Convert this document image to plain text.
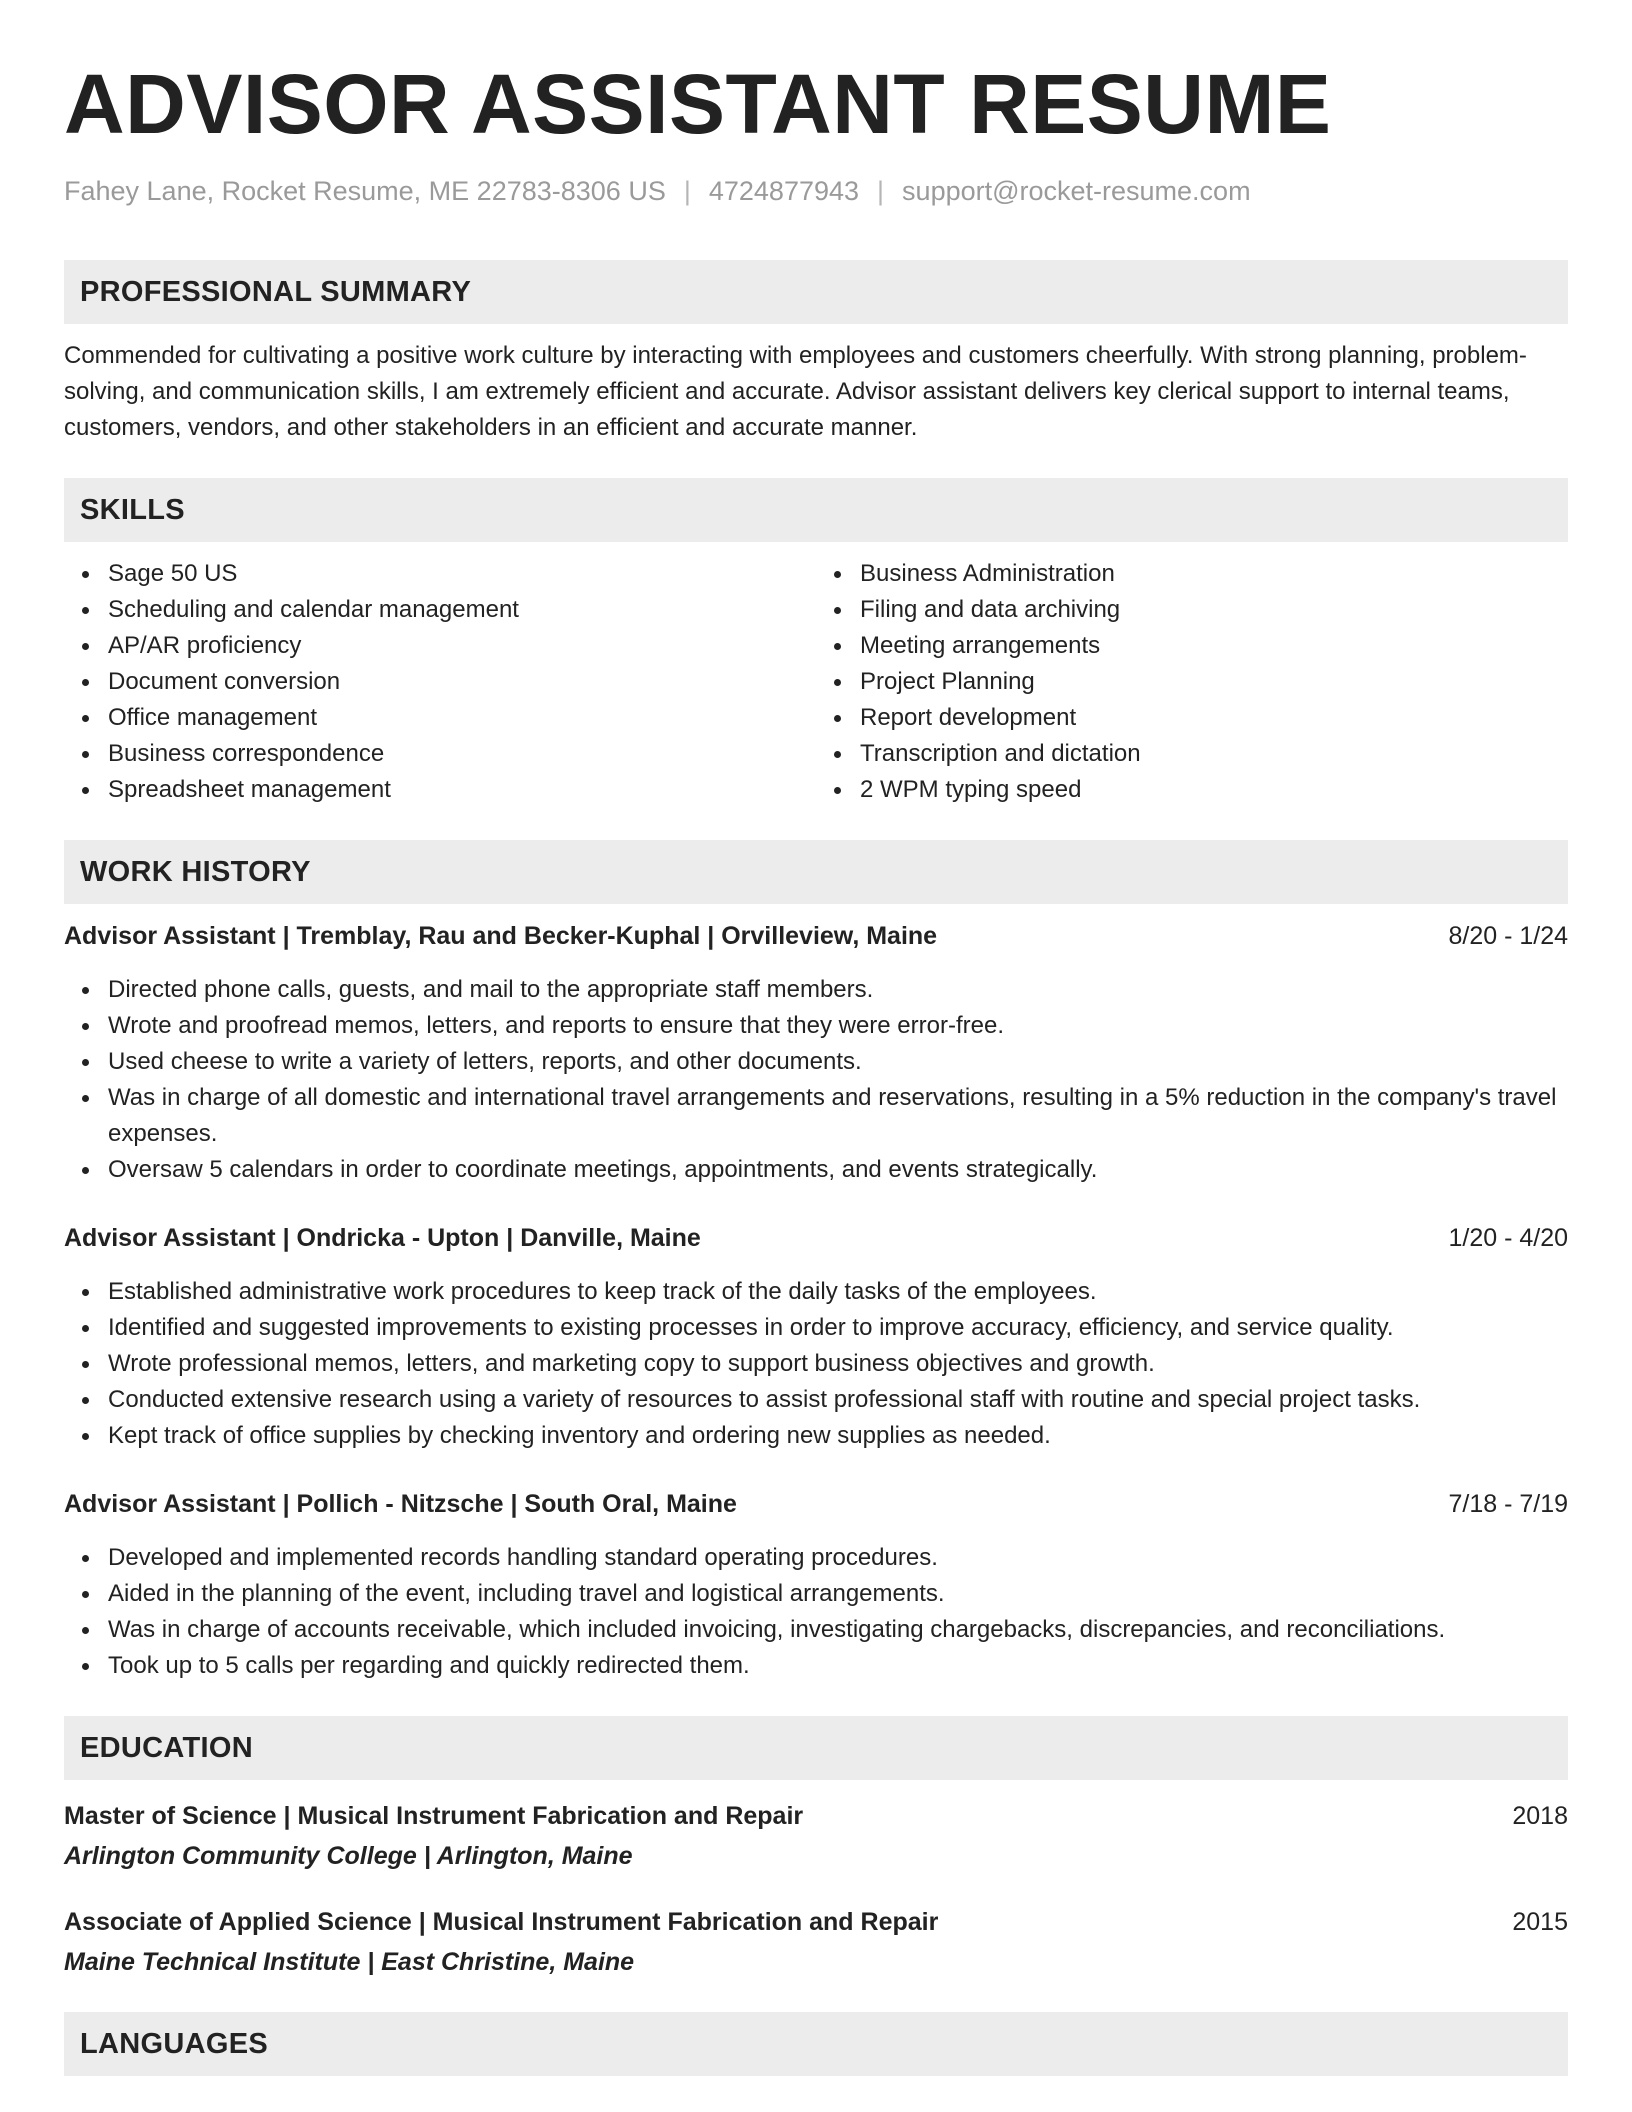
ADVISOR ASSISTANT RESUME
Fahey Lane, Rocket Resume, ME 22783-8306 US | 4724877943 | support@rocket-resume.com
PROFESSIONAL SUMMARY

Commended for cultivating a positive work culture by interacting with employees and customers cheerfully. With strong planning, problem-solving, and communication skills, I am extremely efficient and accurate. Advisor assistant delivers key clerical support to internal teams, customers, vendors, and other stakeholders in an efficient and accurate manner.

SKILLS
Sage 50 US
Scheduling and calendar management
AP/AR proficiency
Document conversion
Office management
Business correspondence
Spreadsheet management
Business Administration
Filing and data archiving
Meeting arrangements
Project Planning
Report development
Transcription and dictation
2 WPM typing speed
WORK HISTORY
Advisor Assistant | Tremblay, Rau and Becker-Kuphal | Orvilleview, Maine	8/20 - 1/24
Directed phone calls, guests, and mail to the appropriate staff members.
Wrote and proofread memos, letters, and reports to ensure that they were error-free.
Used cheese to write a variety of letters, reports, and other documents.
Was in charge of all domestic and international travel arrangements and reservations, resulting in a 5% reduction in the company's travel expenses.
Oversaw 5 calendars in order to coordinate meetings, appointments, and events strategically.
Advisor Assistant | Ondricka - Upton | Danville, Maine	1/20 - 4/20
Established administrative work procedures to keep track of the daily tasks of the employees.
Identified and suggested improvements to existing processes in order to improve accuracy, efficiency, and service quality.
Wrote professional memos, letters, and marketing copy to support business objectives and growth.
Conducted extensive research using a variety of resources to assist professional staff with routine and special project tasks.
Kept track of office supplies by checking inventory and ordering new supplies as needed.
Advisor Assistant | Pollich - Nitzsche | South Oral, Maine	7/18 - 7/19
Developed and implemented records handling standard operating procedures.
Aided in the planning of the event, including travel and logistical arrangements.
Was in charge of accounts receivable, which included invoicing, investigating chargebacks, discrepancies, and reconciliations.
Took up to 5 calls per regarding and quickly redirected them.
EDUCATION
Master of Science | Musical Instrument Fabrication and Repair	2018
Arlington Community College | Arlington, Maine
Associate of Applied Science | Musical Instrument Fabrication and Repair	2015
Maine Technical Institute | East Christine, Maine
LANGUAGES
